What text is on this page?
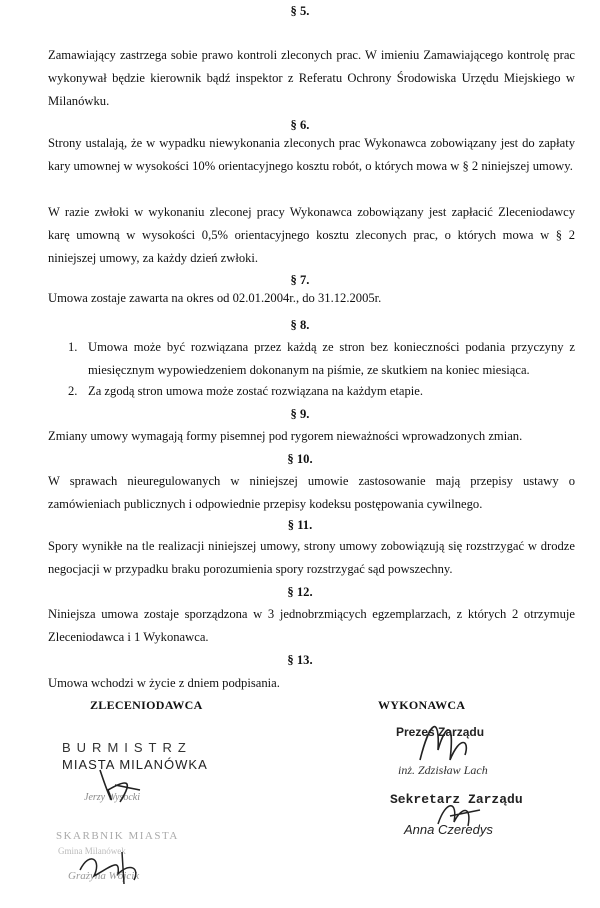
§ 5.
Zamawiający zastrzega sobie prawo kontroli zleconych prac. W imieniu Zamawiającego kontrolę prac wykonywał będzie kierownik bądź inspektor z Referatu Ochrony Środowiska Urzędu Miejskiego w Milanówku.
§ 6.
Strony ustalają, że w wypadku niewykonania zleconych prac Wykonawca zobowiązany jest do zapłaty kary umownej w wysokości 10% orientacyjnego kosztu robót, o których mowa w § 2 niniejszej umowy.
W razie zwłoki w wykonaniu zleconej pracy Wykonawca zobowiązany jest zapłacić Zleceniodawcy karę umowną w wysokości 0,5% orientacyjnego kosztu zleconych prac, o których mowa w § 2 niniejszej umowy, za każdy dzień zwłoki.
§ 7.
Umowa zostaje zawarta na okres od 02.01.2004r., do 31.12.2005r.
§ 8.
1. Umowa może być rozwiązana przez każdą ze stron bez konieczności podania przyczyny z miesięcznym wypowiedzeniem dokonanym na piśmie, ze skutkiem na koniec miesiąca.
2. Za zgodą stron umowa może zostać rozwiązana na każdym etapie.
§ 9.
Zmiany umowy wymagają formy pisemnej pod rygorem nieważności wprowadzonych zmian.
§ 10.
W sprawach nieuregulowanych w niniejszej umowie zastosowanie mają przepisy ustawy o zamówieniach publicznych i odpowiednie przepisy kodeksu postępowania cywilnego.
§ 11.
Spory wynikłe na tle realizacji niniejszej umowy, strony umowy zobowiązują się rozstrzygać w drodze negocjacji w przypadku braku porozumienia spory rozstrzygać sąd powszechny.
§ 12.
Niniejsza umowa zostaje sporządzona w 3 jednobrzmiących egzemplarzach, z których 2 otrzymuje Zleceniodawca i 1 Wykonawca.
§ 13.
Umowa wchodzi w życie z dniem podpisania.
ZLECENIODAWCA	WYKONAWCA
BURMISTRZ
MIASTA MILANÓWKA
Jerzy Wysocki
SKARBNIK MIASTA
Gmina Milanówek
Grażyna Wójcik
Prezes Zarządu
inż. Zdzisław Lach
Sekretarz Zarządu
Anna Czeredys
